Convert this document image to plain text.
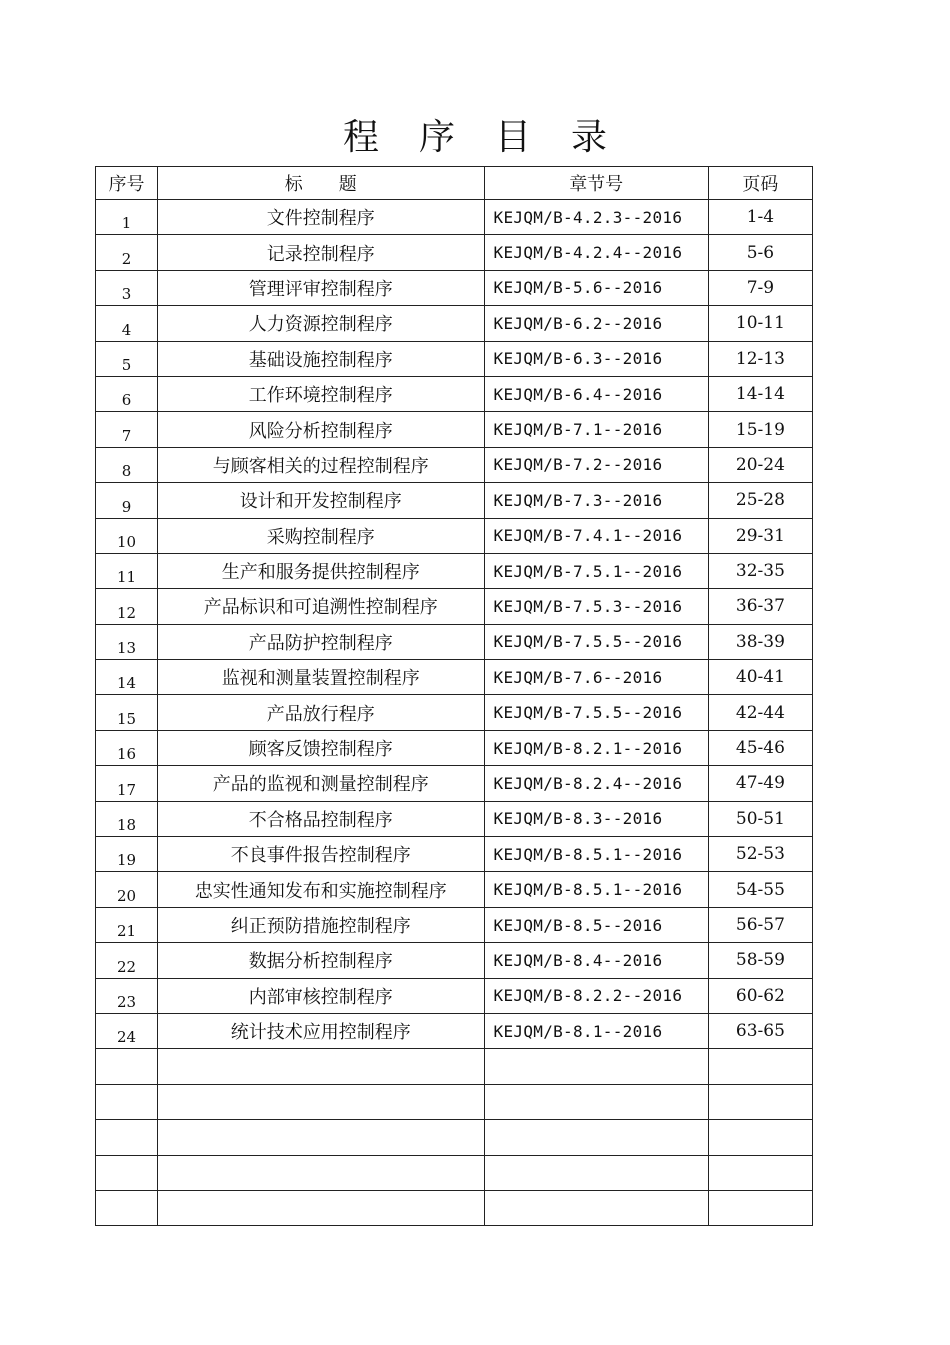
程 序 目 录
序号	标　　题	章节号	页码
1	文件控制程序	KEJQM/B-4.2.3--2016	1-4
2	记录控制程序	KEJQM/B-4.2.4--2016	5-6
3	管理评审控制程序	KEJQM/B-5.6--2016	7-9
4	人力资源控制程序	KEJQM/B-6.2--2016	10-11
5	基础设施控制程序	KEJQM/B-6.3--2016	12-13
6	工作环境控制程序	KEJQM/B-6.4--2016	14-14
7	风险分析控制程序	KEJQM/B-7.1--2016	15-19
8	与顾客相关的过程控制程序	KEJQM/B-7.2--2016	20-24
9	设计和开发控制程序	KEJQM/B-7.3--2016	25-28
10	采购控制程序	KEJQM/B-7.4.1--2016	29-31
11	生产和服务提供控制程序	KEJQM/B-7.5.1--2016	32-35
12	产品标识和可追溯性控制程序	KEJQM/B-7.5.3--2016	36-37
13	产品防护控制程序	KEJQM/B-7.5.5--2016	38-39
14	监视和测量装置控制程序	KEJQM/B-7.6--2016	40-41
15	产品放行程序	KEJQM/B-7.5.5--2016	42-44
16	顾客反馈控制程序	KEJQM/B-8.2.1--2016	45-46
17	产品的监视和测量控制程序	KEJQM/B-8.2.4--2016	47-49
18	不合格品控制程序	KEJQM/B-8.3--2016	50-51
19	不良事件报告控制程序	KEJQM/B-8.5.1--2016	52-53
20	忠实性通知发布和实施控制程序	KEJQM/B-8.5.1--2016	54-55
21	纠正预防措施控制程序	KEJQM/B-8.5--2016	56-57
22	数据分析控制程序	KEJQM/B-8.4--2016	58-59
23	内部审核控制程序	KEJQM/B-8.2.2--2016	60-62
24	统计技术应用控制程序	KEJQM/B-8.1--2016	63-65
